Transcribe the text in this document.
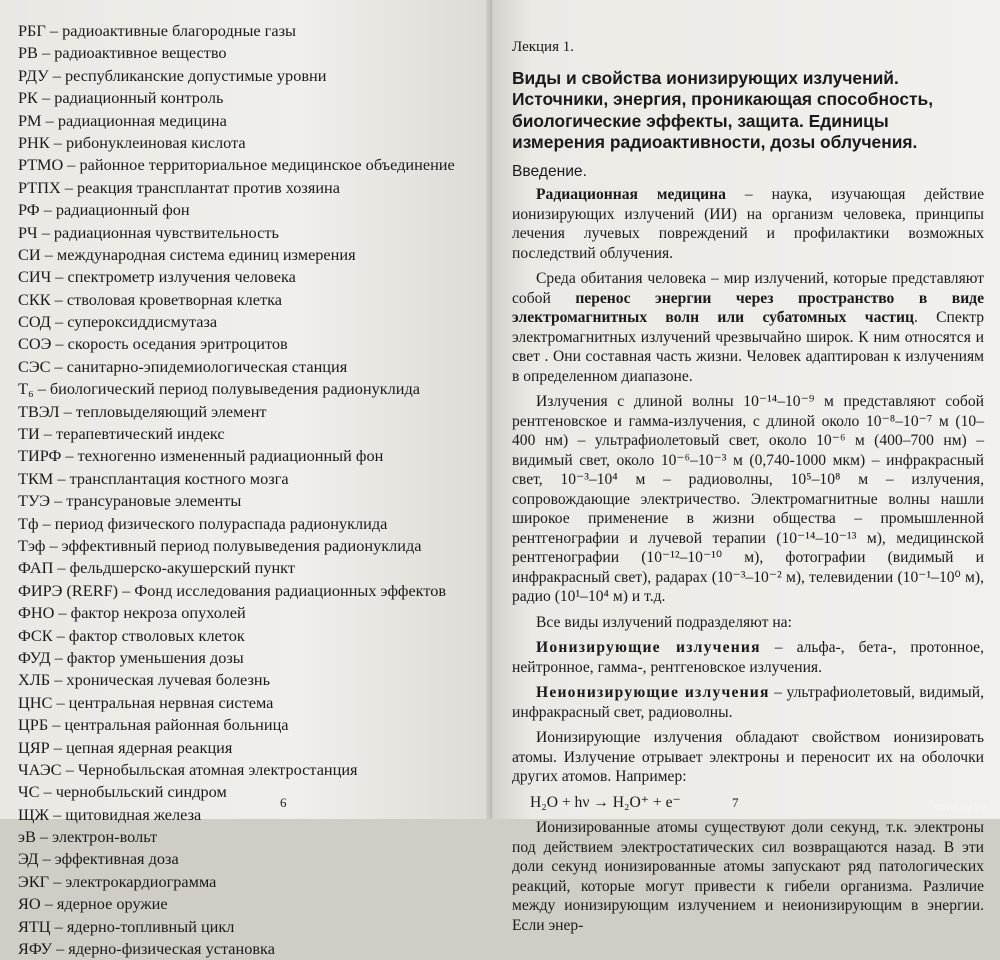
РБГ – радиоактивные благородные газы
РВ – радиоактивное вещество
РДУ – республиканские допустимые уровни
РК – радиационный контроль
РМ – радиационная медицина
РНК – рибонуклеиновая кислота
РТМО – районное территориальное медицинское объединение
РТПХ – реакция трансплантат против хозяина
РФ – радиационный фон
РЧ – радиационная чувствительность
СИ – международная система единиц измерения
СИЧ – спектрометр излучения человека
СКК – стволовая кроветворная клетка
СОД – супероксиддисмутаза
СОЭ – скорость оседания эритроцитов
СЭС – санитарно-эпидемиологическая станция
Т₆ – биологический период полувыведения радионуклида
ТВЭЛ – тепловыделяющий элемент
ТИ – терапевтический индекс
ТИРФ – техногенно измененный радиационный фон
ТКМ – трансплантация костного мозга
ТУЭ – трансурановые элементы
Тф – период физического полураспада радионуклида
Тэф – эффективный период полувыведения радионуклида
ФАП – фельдшерско-акушерский пункт
ФИРЭ (RERF) – Фонд исследования радиационных эффектов
ФНО – фактор некроза опухолей
ФСК – фактор стволовых клеток
ФУД – фактор уменьшения дозы
ХЛБ – хроническая лучевая болезнь
ЦНС – центральная нервная система
ЦРБ – центральная районная больница
ЦЯР – цепная ядерная реакция
ЧАЭС – Чернобыльская атомная электростанция
ЧС – чернобыльский синдром
ЩЖ – щитовидная железа
эВ – электрон-вольт
ЭД – эффективная доза
ЭКГ – электрокардиограмма
ЯО – ядерное оружие
ЯТЦ – ядерно-топливный цикл
ЯФУ – ядерно-физическая установка
6
Лекция 1.
Виды и свойства ионизирующих излучений. Источники, энергия, проникающая способность, биологические эффекты, защита. Единицы измерения радиоактивности, дозы облучения.
Введение.

Радиационная медицина – наука, изучающая действие ионизирующих излучений (ИИ) на организм человека, принципы лечения лучевых повреждений и профилактики возможных последствий облучения.

Среда обитания человека – мир излучений, которые представляют собой перенос энергии через пространство в виде электромагнитных волн или субатомных частиц. Спектр электромагнитных излучений чрезвычайно широк. К ним относятся и свет . Они составная часть жизни. Человек адаптирован к излучениям в определенном диапазоне.

Излучения с длиной волны 10⁻¹⁴–10⁻⁹ м представляют собой рентгеновское и гамма-излучения, с длиной около 10⁻⁸–10⁻⁷ м (10–400 нм) – ультрафиолетовый свет, около 10⁻⁶ м (400–700 нм) – видимый свет, около 10⁻⁶–10⁻³ м (0,740-1000 мкм) – инфракрасный свет, 10⁻³–10⁴ м – радиоволны, 10⁵–10⁸ м – излучения, сопровождающие электричество. Электромагнитные волны нашли широкое применение в жизни общества – промышленной рентгенографии и лучевой терапии (10⁻¹⁴–10⁻¹³ м), медицинской рентгенографии (10⁻¹²–10⁻¹⁰ м), фотографии (видимый и инфракрасный свет), радарах (10⁻³–10⁻² м), телевидении (10⁻¹–10⁰ м), радио (10¹–10⁴ м) и т.д.

Все виды излучений подразделяют на:

Ионизирующие излучения – альфа-, бета-, протонное, нейтронное, гамма-, рентгеновское излучения.

Неионизирующие излучения – ультрафиолетовый, видимый, инфракрасный свет, радиоволны.

Ионизирующие излучения обладают свойством ионизировать атомы. Излучение отрывает электроны и переносит их на оболочки других атомов. Например:

H₂O + hν → H₂O⁺ + e⁻

Ионизированные атомы существуют доли секунд, т.к. электроны под действием электростатических сил возвращаются назад. В эти доли секунд ионизированные атомы запускают ряд патологических реакций, которые могут привести к гибели организма. Различие между ионизирующим излучением и неионизирующим в энергии. Если энер-

7	www.ay.by
